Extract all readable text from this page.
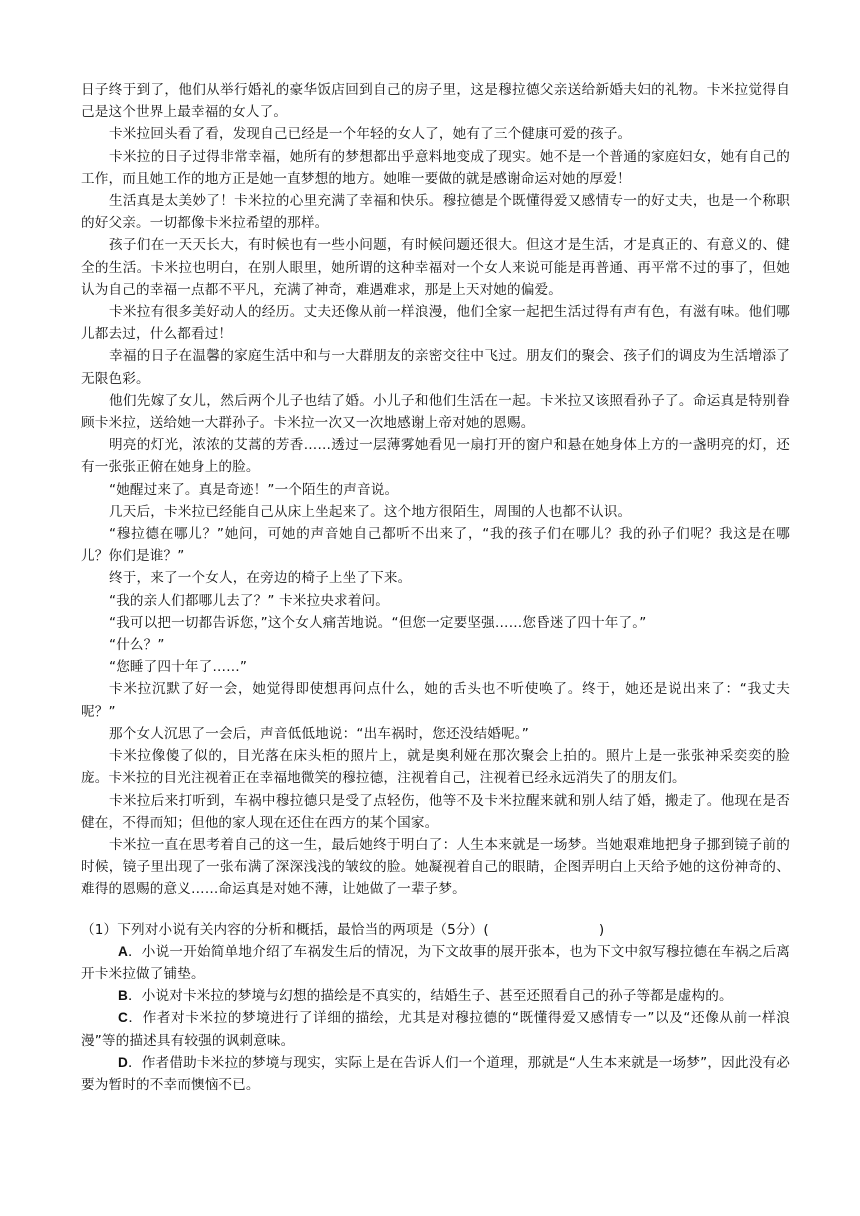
日子终于到了，他们从举行婚礼的豪华饭店回到自己的房子里，这是穆拉德父亲送给新婚夫妇的礼物。卡米拉觉得自己是这个世界上最幸福的女人了。

卡米拉回头看了看，发现自己已经是一个年轻的女人了，她有了三个健康可爱的孩子。

卡米拉的日子过得非常幸福，她所有的梦想都出乎意料地变成了现实。她不是一个普通的家庭妇女，她有自己的工作，而且她工作的地方正是她一直梦想的地方。她唯一要做的就是感谢命运对她的厚爱！

生活真是太美妙了！卡米拉的心里充满了幸福和快乐。穆拉德是个既懂得爱又感情专一的好丈夫，也是一个称职的好父亲。一切都像卡米拉希望的那样。

孩子们在一天天长大，有时候也有一些小问题，有时候问题还很大。但这才是生活，才是真正的、有意义的、健全的生活。卡米拉也明白，在别人眼里，她所谓的这种幸福对一个女人来说可能是再普通、再平常不过的事了，但她认为自己的幸福一点都不平凡，充满了神奇，难遇难求，那是上天对她的偏爱。

卡米拉有很多美好动人的经历。丈夫还像从前一样浪漫，他们全家一起把生活过得有声有色，有滋有味。他们哪儿都去过，什么都看过！

幸福的日子在温馨的家庭生活中和与一大群朋友的亲密交往中飞过。朋友们的聚会、孩子们的调皮为生活增添了无限色彩。

他们先嫁了女儿，然后两个儿子也结了婚。小儿子和他们生活在一起。卡米拉又该照看孙子了。命运真是特别眷顾卡米拉，送给她一大群孙子。卡米拉一次又一次地感谢上帝对她的恩赐。

明亮的灯光，浓浓的艾蒿的芳香……透过一层薄雾她看见一扇打开的窗户和悬在她身体上方的一盏明亮的灯，还有一张张正俯在她身上的脸。

“她醒过来了。真是奇迹！”一个陌生的声音说。

几天后，卡米拉已经能自己从床上坐起来了。这个地方很陌生，周围的人也都不认识。

“穆拉德在哪儿？”她问，可她的声音她自己都听不出来了，“我的孩子们在哪儿？我的孙子们呢？我这是在哪儿？你们是谁？”

终于，来了一个女人，在旁边的椅子上坐了下来。

“我的亲人们都哪儿去了？” 卡米拉央求着问。

“我可以把一切都告诉您，”这个女人痛苦地说。“但您一定要坚强……您昏迷了四十年了。”

“什么？”

“您睡了四十年了……”

卡米拉沉默了好一会，她觉得即使想再问点什么，她的舌头也不听使唤了。终于，她还是说出来了：“我丈夫呢？”

那个女人沉思了一会后，声音低低地说：“出车祸时，您还没结婚呢。”

卡米拉像傻了似的，目光落在床头柜的照片上，就是奥利娅在那次聚会上拍的。照片上是一张张神采奕奕的脸庞。卡米拉的目光注视着正在幸福地微笑的穆拉德，注视着自己，注视着已经永远消失了的朋友们。

卡米拉后来打听到，车祸中穆拉德只是受了点轻伤，他等不及卡米拉醒来就和别人结了婚，搬走了。他现在是否健在，不得而知；但他的家人现在还住在西方的某个国家。

卡米拉一直在思考着自己的这一生，最后她终于明白了：人生本来就是一场梦。当她艰难地把身子挪到镜子前的时候，镜子里出现了一张布满了深深浅浅的皱纹的脸。她凝视着自己的眼睛，企图弄明白上天给予她的这份神奇的、难得的恩赐的意义……命运真是对她不薄，让她做了一辈子梦。

（1）下列对小说有关内容的分析和概括，最恰当的两项是（5分）(	)

A．小说一开始简单地介绍了车祸发生后的情况，为下文故事的展开张本，也为下文中叙写穆拉德在车祸之后离开卡米拉做了铺垫。

B．小说对卡米拉的梦境与幻想的描绘是不真实的，结婚生子、甚至还照看自己的孙子等都是虚构的。

C．作者对卡米拉的梦境进行了详细的描绘，尤其是对穆拉德的“既懂得爱又感情专一”以及“还像从前一样浪漫”等的描述具有较强的讽刺意味。

D．作者借助卡米拉的梦境与现实，实际上是在告诉人们一个道理，那就是“人生本来就是一场梦”，因此没有必要为暂时的不幸而懊恼不已。
